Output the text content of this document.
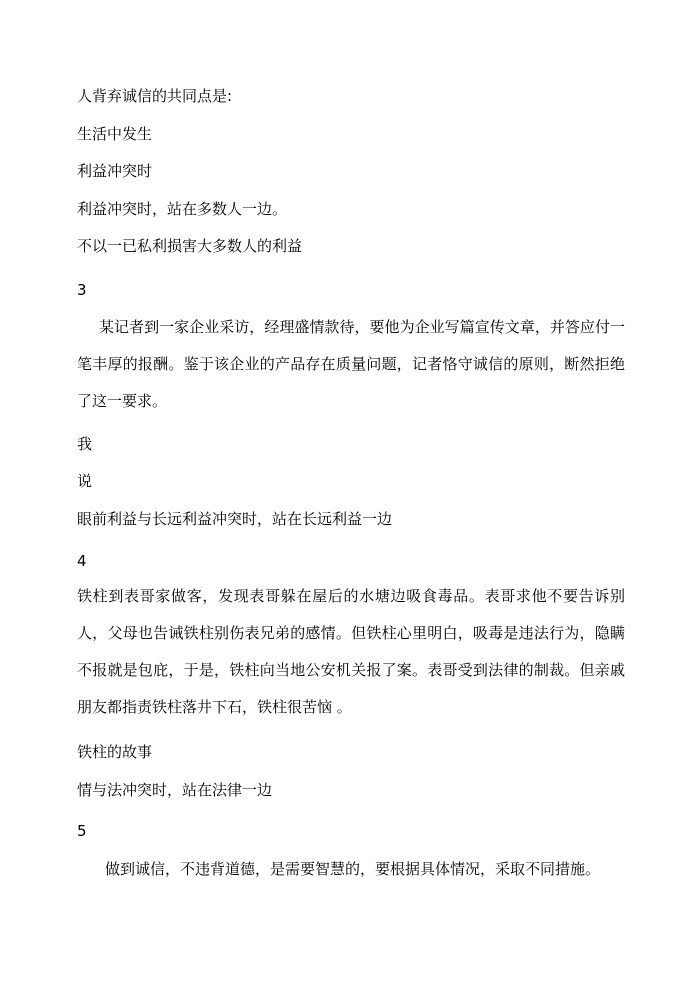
人背弃诚信的共同点是:
生活中发生
利益冲突时
利益冲突时，站在多数人一边。
不以一已私利损害大多数人的利益
3
某记者到一家企业采访，经理盛情款待，要他为企业写篇宣传文章，并答应付一笔丰厚的报酬。鉴于该企业的产品存在质量问题，记者恪守诚信的原则，断然拒绝了这一要求。
我
说
眼前利益与长远利益冲突时，站在长远利益一边
4
铁柱到表哥家做客，发现表哥躲在屋后的水塘边吸食毒品。表哥求他不要告诉别人，父母也告诫铁柱别伤表兄弟的感情。但铁柱心里明白，吸毒是违法行为，隐瞒不报就是包庇，于是，铁柱向当地公安机关报了案。表哥受到法律的制裁。但亲戚朋友都指责铁柱落井下石，铁柱很苦恼 。
铁柱的故事
情与法冲突时，站在法律一边
5
做到诚信，不违背道德，是需要智慧的，要根据具体情况，采取不同措施。
